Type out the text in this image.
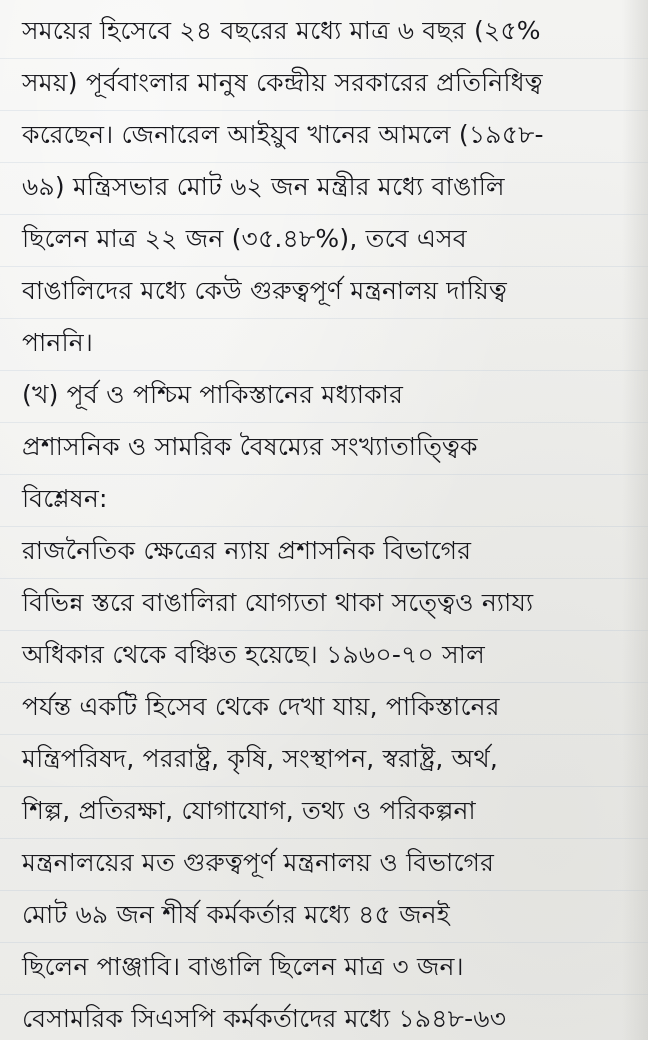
সময়ের হিসেবে ২৪ বছরের মধ্যে মাত্র ৬ বছর (২৫%
সময়) পূর্ববাংলার মানুষ কেন্দ্রীয় সরকারের প্রতিনিধিত্ব
করেছেন। জেনারেল আইয়ুব খানের আমলে (১৯৫৮-
৬৯) মন্ত্রিসভার মোট ৬২ জন মন্ত্রীর মধ্যে বাঙালি
ছিলেন মাত্র ২২ জন (৩৫.৪৮%), তবে এসব
বাঙালিদের মধ্যে কেউ গুরুত্বপূর্ণ মন্ত্রনালয় দায়িত্ব
পাননি।
(খ) পূর্ব ও পশ্চিম পাকিস্তানের মধ্যাকার
প্রশাসনিক ও সামরিক বৈষম্যের সংখ্যাতাত্ত্বিক
বিশ্লেষন:
রাজনৈতিক ক্ষেত্রের ন্যায় প্রশাসনিক বিভাগের
বিভিন্ন স্তরে বাঙালিরা যোগ্যতা থাকা সত্ত্বেও ন্যায্য
অধিকার থেকে বঞ্চিত হয়েছে। ১৯৬০-৭০ সাল
পর্যন্ত একটি হিসেব থেকে দেখা যায়, পাকিস্তানের
মন্ত্রিপরিষদ, পররাষ্ট্র, কৃষি, সংস্থাপন, স্বরাষ্ট্র, অর্থ,
শিল্প, প্রতিরক্ষা, যোগাযোগ, তথ্য ও পরিকল্পনা
মন্ত্রনালয়ের মত গুরুত্বপূর্ণ মন্ত্রনালয় ও বিভাগের
মোট ৬৯ জন শীর্ষ কর্মকর্তার মধ্যে ৪৫ জনই
ছিলেন পাঞ্জাবি। বাঙালি ছিলেন মাত্র ৩ জন।
বেসামরিক সিএসপি কর্মকর্তাদের মধ্যে ১৯৪৮-৬৩
